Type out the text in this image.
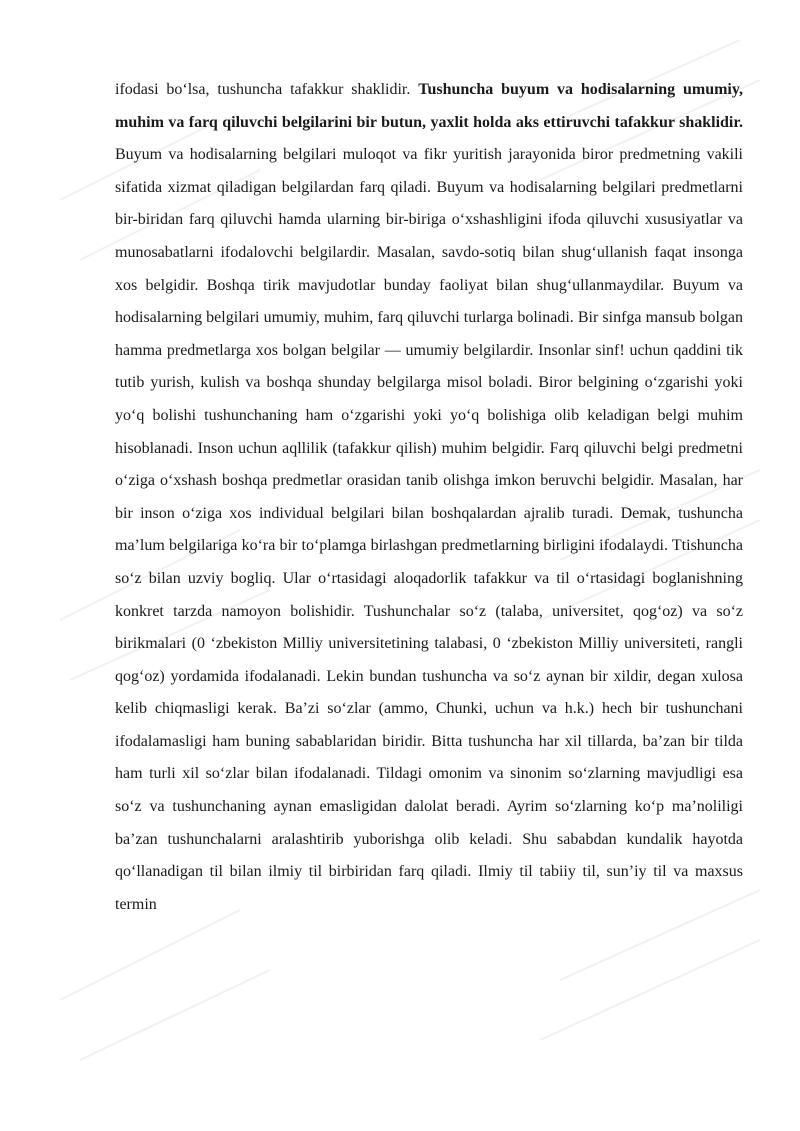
ifodasi bo‘lsa, tushuncha tafakkur shaklidir. Tushuncha buyum va hodisalarning umumiy, muhim va farq qiluvchi belgilarini bir butun, yaxlit holda aks ettiruvchi tafakkur shaklidir. Buyum va hodisalarning belgilari muloqot va fikr yuritish jarayonida biror predmetning vakili sifatida xizmat qiladigan belgilardan farq qiladi. Buyum va hodisalarning belgilari predmetlarni bir-biridan farq qiluvchi hamda ularning bir-biriga o‘xshashligini ifoda qiluvchi xususiyatlar va munosabatlarni ifodalovchi belgilardir. Masalan, savdo-sotiq bilan shug‘ullanish faqat insonga xos belgidir. Boshqa tirik mavjudotlar bunday faoliyat bilan shug‘ullanmaydilar. Buyum va hodisalarning belgilari umumiy, muhim, farq qiluvchi turlarga bolinadi. Bir sinfga mansub bolgan hamma predmetlarga xos bolgan belgilar — umumiy belgilardir. Insonlar sinf! uchun qaddini tik tutib yurish, kulish va boshqa shunday belgilarga misol boladi. Biror belgining o‘zgarishi yoki yo‘q bolishi tushunchaning ham o‘zgarishi yoki yo‘q bolishiga olib keladigan belgi muhim hisoblanadi. Inson uchun aqllilik (tafakkur qilish) muhim belgidir. Farq qiluvchi belgi predmetni o‘ziga o‘xshash boshqa predmetlar orasidan tanib olishga imkon beruvchi belgidir. Masalan, har bir inson o‘ziga xos individual belgilari bilan boshqalardan ajralib turadi. Demak, tushuncha ma’lum belgilariga ko‘ra bir to‘plamga birlashgan predmetlarning birligini ifodalaydi. Ttishuncha so‘z bilan uzviy bogliq. Ular o‘rtasidagi aloqadorlik tafakkur va til o‘rtasidagi boglanishning konkret tarzda namoyon bolishidir. Tushunchalar so‘z (talaba, universitet, qog‘oz) va so‘z birikmalari (0 ‘zbekiston Milliy universitetining talabasi, 0 ‘zbekiston Milliy universiteti, rangli qog‘oz) yordamida ifodalanadi. Lekin bundan tushuncha va so‘z aynan bir xildir, degan xulosa kelib chiqmasligi kerak. Ba’zi so‘zlar (ammo, Chunki, uchun va h.k.) hech bir tushunchani ifodalamasligi ham buning sabablaridan biridir. Bitta tushuncha har xil tillarda, ba’zan bir tilda ham turli xil so‘zlar bilan ifodalanadi. Tildagi omonim va sinonim so‘zlarning mavjudligi esa so‘z va tushunchaning aynan emasligidan dalolat beradi. Ayrim so‘zlarning ko‘p ma’noliligi ba’zan tushunchalarni aralashtirib yuborishga olib keladi. Shu sababdan kundalik hayotda qo‘llanadigan til bilan ilmiy til birbiridan farq qiladi. Ilmiy til tabiiy til, sun’iy til va maxsus termin
